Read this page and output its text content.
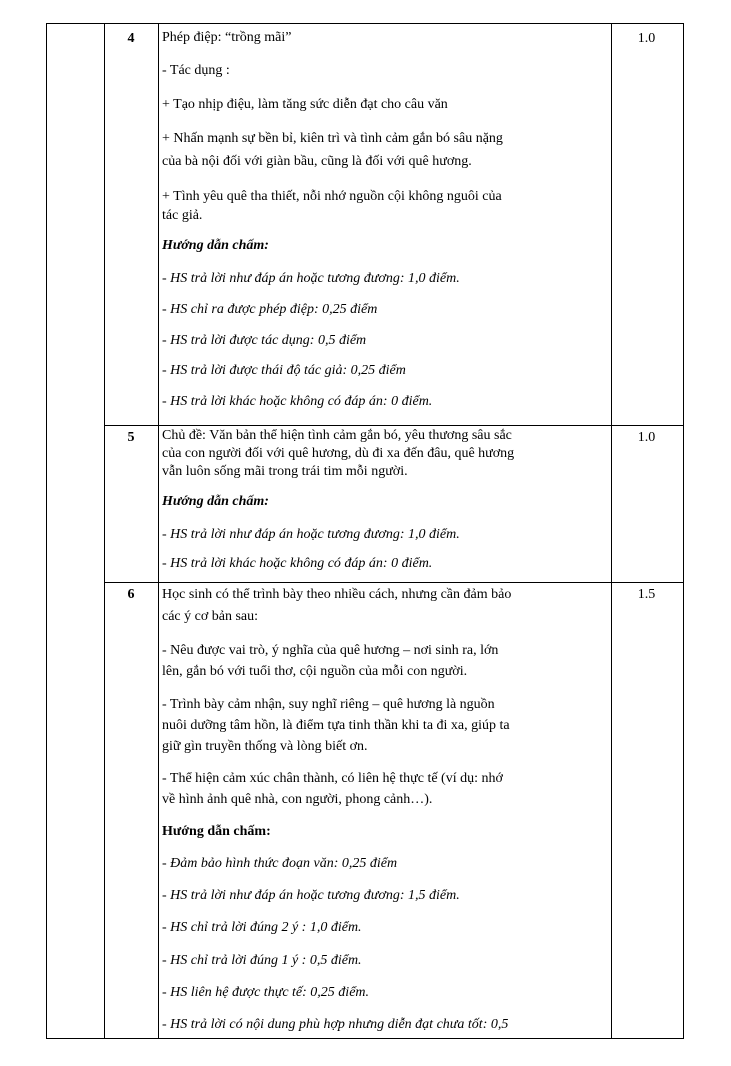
4	1.0
Phép điệp: “trồng mãi”
- Tác dụng :
+ Tạo nhịp điệu, làm tăng sức diễn đạt cho câu văn
+ Nhấn mạnh sự bền bỉ, kiên trì và tình cảm gắn bó sâu nặng
của bà nội đối với giàn bầu, cũng là đối với quê hương.
+ Tình yêu quê tha thiết, nỗi nhớ nguồn cội không nguôi của
tác giả.
Hướng dẫn chấm:
- HS trả lời như đáp án hoặc tương đương: 1,0 điểm.
- HS chỉ ra được phép điệp: 0,25 điểm
- HS trả lời được tác dụng: 0,5 điểm
- HS trả lời được thái độ tác giả: 0,25 điểm
- HS trả lời khác hoặc không có đáp án: 0 điểm.
5	1.0
Chủ đề: Văn bản thể hiện tình cảm gắn bó, yêu thương sâu sắc
của con người đối với quê hương, dù đi xa đến đâu, quê hương
vẫn luôn sống mãi trong trái tim mỗi người.
Hướng dẫn chấm:
- HS trả lời như đáp án hoặc tương đương: 1,0 điểm.
- HS trả lời khác hoặc không có đáp án: 0 điểm.
6	1.5
Học sinh có thể trình bày theo nhiều cách, nhưng cần đảm bảo
các ý cơ bản sau:
- Nêu được vai trò, ý nghĩa của quê hương – nơi sinh ra, lớn
lên, gắn bó với tuổi thơ, cội nguồn của mỗi con người.
- Trình bày cảm nhận, suy nghĩ riêng – quê hương là nguồn
nuôi dưỡng tâm hồn, là điểm tựa tinh thần khi ta đi xa, giúp ta
giữ gìn truyền thống và lòng biết ơn.
- Thể hiện cảm xúc chân thành, có liên hệ thực tế (ví dụ: nhớ
về hình ảnh quê nhà, con người, phong cảnh…).
Hướng dẫn chấm:
- Đảm bảo hình thức đoạn văn: 0,25 điểm
- HS trả lời như đáp án hoặc tương đương: 1,5 điểm.
- HS chỉ trả lời đúng 2 ý : 1,0 điểm.
- HS chỉ trả lời đúng 1 ý : 0,5 điểm.
- HS liên hệ được thực tế: 0,25 điểm.
- HS trả lời có nội dung phù hợp nhưng diễn đạt chưa tốt: 0,5
